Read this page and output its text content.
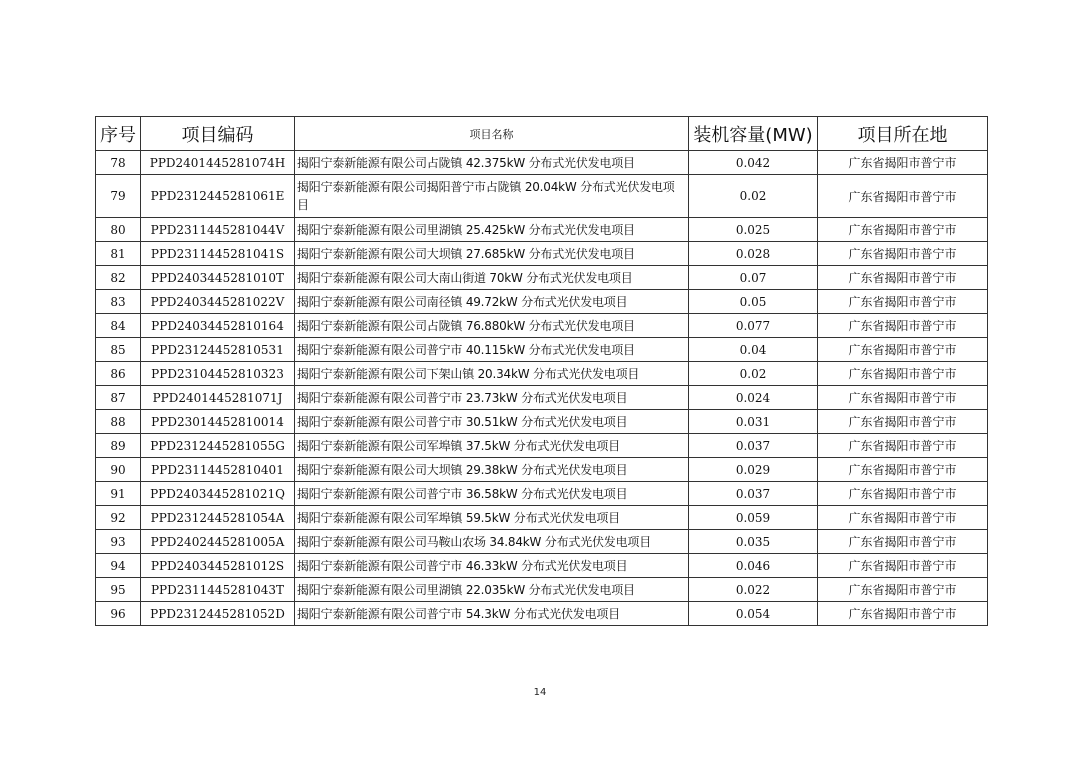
序号	项目编码	项目名称	装机容量(MW)	项目所在地
78	PPD2401445281074H	揭阳宁泰新能源有限公司占陇镇 42.375kW 分布式光伏发电项目	0.042	广东省揭阳市普宁市
79	PPD2312445281061E	揭阳宁泰新能源有限公司揭阳普宁市占陇镇 20.04kW 分布式光伏发电项目	0.02	广东省揭阳市普宁市
80	PPD2311445281044V	揭阳宁泰新能源有限公司里湖镇 25.425kW 分布式光伏发电项目	0.025	广东省揭阳市普宁市
81	PPD2311445281041S	揭阳宁泰新能源有限公司大坝镇 27.685kW 分布式光伏发电项目	0.028	广东省揭阳市普宁市
82	PPD2403445281010T	揭阳宁泰新能源有限公司大南山街道 70kW 分布式光伏发电项目	0.07	广东省揭阳市普宁市
83	PPD2403445281022V	揭阳宁泰新能源有限公司南径镇 49.72kW 分布式光伏发电项目	0.05	广东省揭阳市普宁市
84	PPD24034452810164	揭阳宁泰新能源有限公司占陇镇 76.880kW 分布式光伏发电项目	0.077	广东省揭阳市普宁市
85	PPD23124452810531	揭阳宁泰新能源有限公司普宁市 40.115kW 分布式光伏发电项目	0.04	广东省揭阳市普宁市
86	PPD23104452810323	揭阳宁泰新能源有限公司下架山镇 20.34kW 分布式光伏发电项目	0.02	广东省揭阳市普宁市
87	PPD2401445281071J	揭阳宁泰新能源有限公司普宁市 23.73kW 分布式光伏发电项目	0.024	广东省揭阳市普宁市
88	PPD23014452810014	揭阳宁泰新能源有限公司普宁市 30.51kW 分布式光伏发电项目	0.031	广东省揭阳市普宁市
89	PPD2312445281055G	揭阳宁泰新能源有限公司军埠镇 37.5kW 分布式光伏发电项目	0.037	广东省揭阳市普宁市
90	PPD23114452810401	揭阳宁泰新能源有限公司大坝镇 29.38kW 分布式光伏发电项目	0.029	广东省揭阳市普宁市
91	PPD2403445281021Q	揭阳宁泰新能源有限公司普宁市 36.58kW 分布式光伏发电项目	0.037	广东省揭阳市普宁市
92	PPD2312445281054A	揭阳宁泰新能源有限公司军埠镇 59.5kW 分布式光伏发电项目	0.059	广东省揭阳市普宁市
93	PPD2402445281005A	揭阳宁泰新能源有限公司马鞍山农场 34.84kW 分布式光伏发电项目	0.035	广东省揭阳市普宁市
94	PPD2403445281012S	揭阳宁泰新能源有限公司普宁市 46.33kW 分布式光伏发电项目	0.046	广东省揭阳市普宁市
95	PPD2311445281043T	揭阳宁泰新能源有限公司里湖镇 22.035kW 分布式光伏发电项目	0.022	广东省揭阳市普宁市
96	PPD2312445281052D	揭阳宁泰新能源有限公司普宁市 54.3kW 分布式光伏发电项目	0.054	广东省揭阳市普宁市
14
